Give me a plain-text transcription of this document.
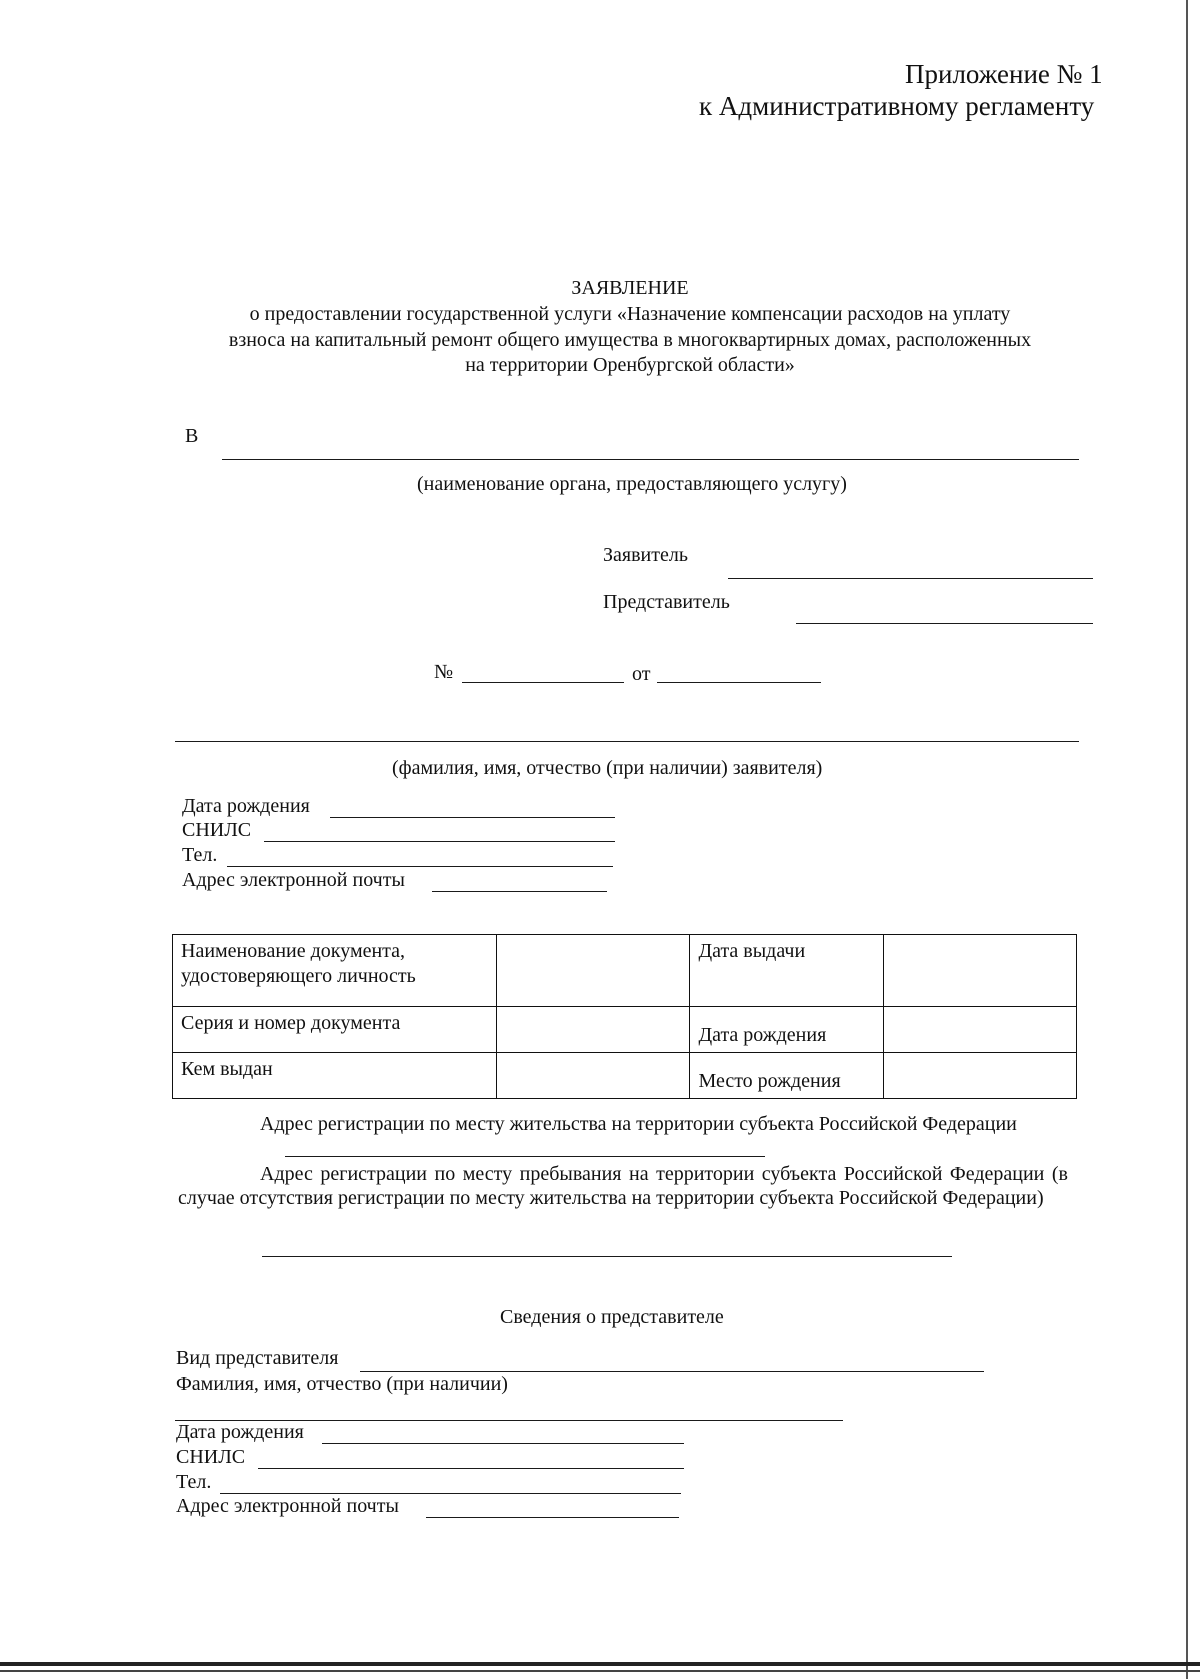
Приложение № 1
к Административному регламенту
ЗАЯВЛЕНИЕ
о предоставлении государственной услуги «Назначение компенсации расходов на уплату
взноса на капитальный ремонт общего имущества в многоквартирных домах, расположенных
на территории Оренбургской области»
В
(наименование органа, предоставляющего услугу)
Заявитель
Представитель
№	от
(фамилия, имя, отчество (при наличии) заявителя)
Дата рождения
СНИЛС
Тел.
Адрес электронной почты
Наименование документа, удостоверяющего личность		Дата выдачи	
Серия и номер документа		Дата рождения	
Кем выдан		Место рождения	
Адрес регистрации по месту жительства на территории субъекта Российской Федерации
Адрес регистрации по месту пребывания на территории субъекта Российской Федерации (в случае отсутствия регистрации по месту жительства на территории субъекта Российской Федерации)
Сведения о представителе
Вид представителя
Фамилия, имя, отчество (при наличии)
Дата рождения
СНИЛС
Тел.
Адрес электронной почты
